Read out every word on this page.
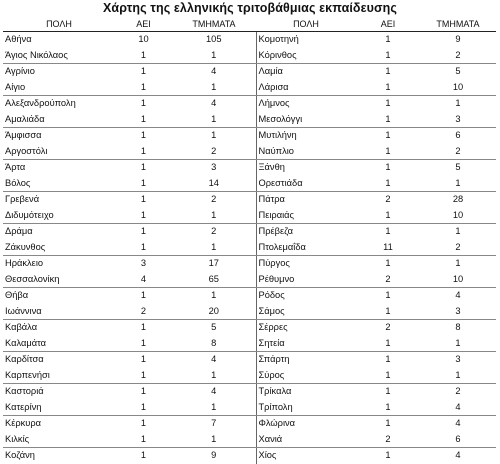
Χάρτης της ελληνικής τριτοβάθμιας εκπαίδευσης
ΠΟΛΗ	ΑΕΙ	ΤΜΗΜΑΤΑ	ΠΟΛΗ	ΑΕΙ	ΤΜΗΜΑΤΑ
Αθήνα	10	105	Κομοτηνή	1	9
Άγιος Νικόλαος	1	1	Κόρινθος	1	2
Αγρίνιο	1	4	Λαμία	1	5
Αίγιο	1	1	Λάρισα	1	10
Αλεξανδρούπολη	1	4	Λήμνος	1	1
Αμαλιάδα	1	1	Μεσολόγγι	1	3
Άμφισσα	1	1	Μυτιλήνη	1	6
Αργοστόλι	1	2	Ναύπλιο	1	2
Άρτα	1	3	Ξάνθη	1	5
Βόλος	1	14	Ορεστιάδα	1	1
Γρεβενά	1	2	Πάτρα	2	28
Διδυμότειχο	1	1	Πειραιάς	1	10
Δράμα	1	2	Πρέβεζα	1	1
Ζάκυνθος	1	1	Πτολεμαΐδα	11	2
Ηράκλειο	3	17	Πύργος	1	1
Θεσσαλονίκη	4	65	Ρέθυμνο	2	10
Θήβα	1	1	Ρόδος	1	4
Ιωάννινα	2	20	Σάμος	1	3
Καβάλα	1	5	Σέρρες	2	8
Καλαμάτα	1	8	Σητεία	1	1
Καρδίτσα	1	4	Σπάρτη	1	3
Καρπενήσι	1	1	Σύρος	1	1
Καστοριά	1	4	Τρίκαλα	1	2
Κατερίνη	1	1	Τρίπολη	1	4
Κέρκυρα	1	7	Φλώρινα	1	4
Κιλκίς	1	1	Χανιά	2	6
Κοζάνη	1	9	Χίος	1	4
